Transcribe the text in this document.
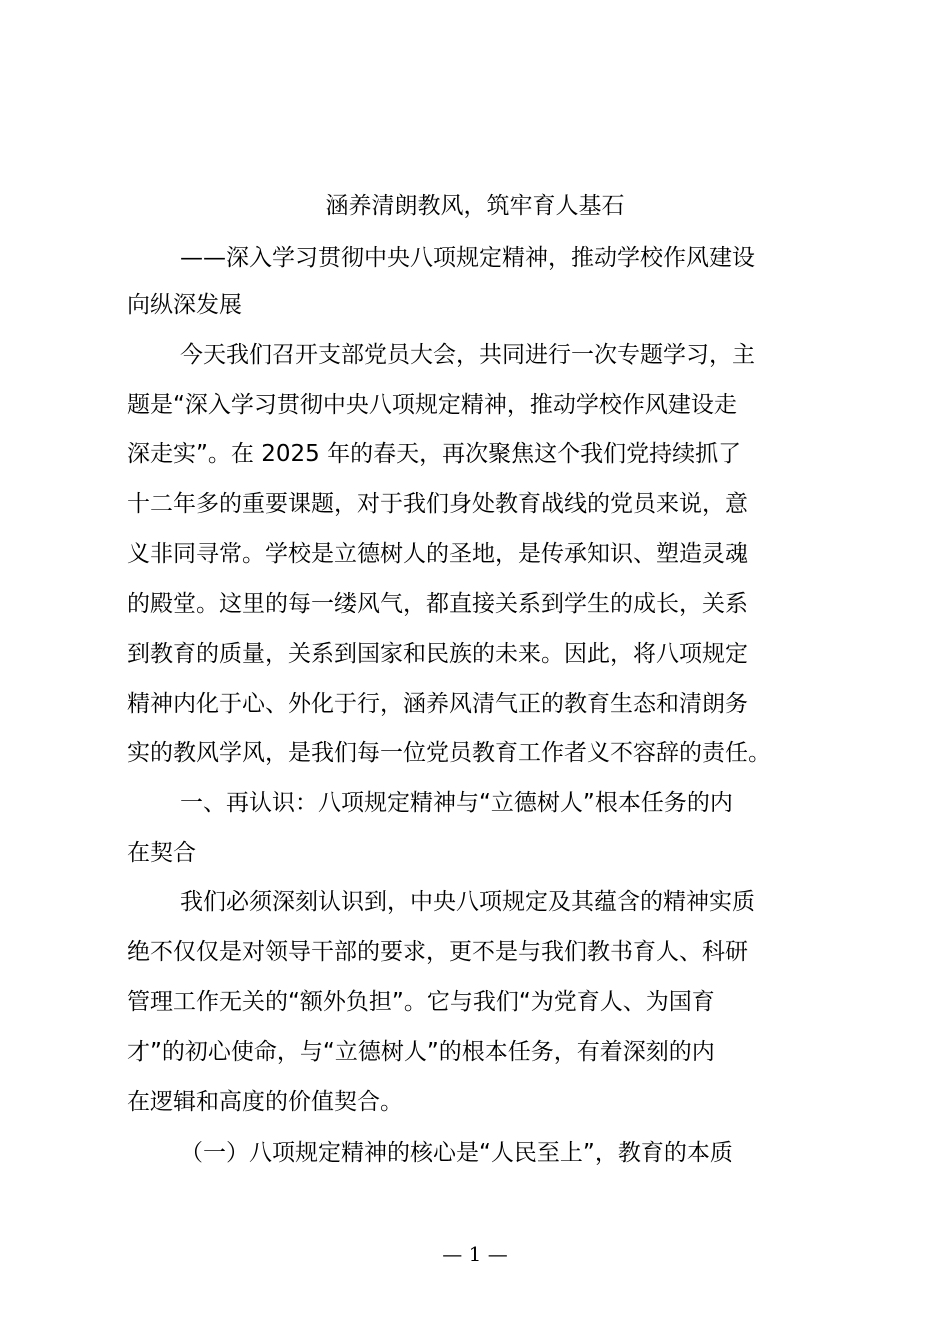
涵养清朗教风，筑牢育人基石
——深入学习贯彻中央八项规定精神，推动学校作风建设
向纵深发展
今天我们召开支部党员大会，共同进行一次专题学习，主
题是“深入学习贯彻中央八项规定精神，推动学校作风建设走
深走实”。在 2025 年的春天，再次聚焦这个我们党持续抓了
十二年多的重要课题，对于我们身处教育战线的党员来说，意
义非同寻常。学校是立德树人的圣地，是传承知识、塑造灵魂
的殿堂。这里的每一缕风气，都直接关系到学生的成长，关系
到教育的质量，关系到国家和民族的未来。因此，将八项规定
精神内化于心、外化于行，涵养风清气正的教育生态和清朗务
实的教风学风，是我们每一位党员教育工作者义不容辞的责任。
一、再认识：八项规定精神与“立德树人”根本任务的内
在契合
我们必须深刻认识到，中央八项规定及其蕴含的精神实质
绝不仅仅是对领导干部的要求，更不是与我们教书育人、科研
管理工作无关的“额外负担”。它与我们“为党育人、为国育
才”的初心使命，与“立德树人”的根本任务，有着深刻的内
在逻辑和高度的价值契合。
（一）八项规定精神的核心是“人民至上”，教育的本质
— 1 —
